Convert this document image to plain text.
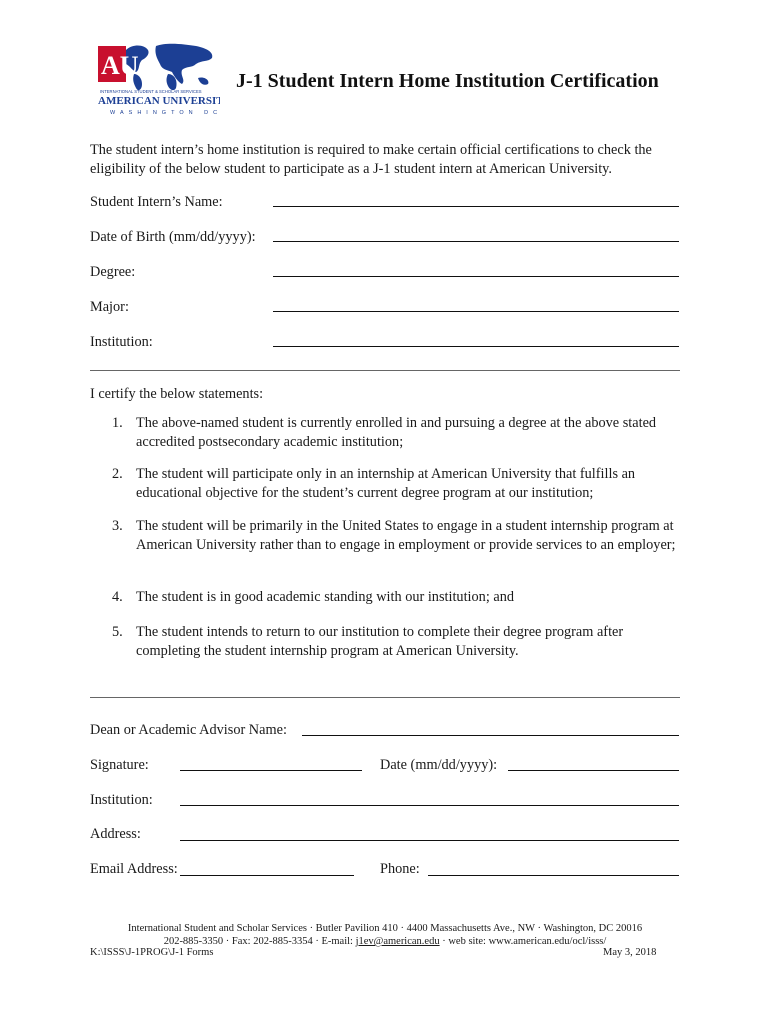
AU
INTERNATIONAL STUDENT & SCHOLAR SERVICES
AMERICAN UNIVERSITY
WASHINGTON DC
J-1 Student Intern Home Institution Certification
The student intern’s home institution is required to make certain official certifications to check the eligibility of the below student to participate as a J-1 student intern at American University.
Student Intern’s Name:
Date of Birth (mm/dd/yyyy):
Degree:
Major:
Institution:
I certify the below statements:
1. The above-named student is currently enrolled in and pursuing a degree at the above stated accredited postsecondary academic institution;
2. The student will participate only in an internship at American University that fulfills an educational objective for the student’s current degree program at our institution;
3. The student will be primarily in the United States to engage in a student internship program at American University rather than to engage in employment or provide services to an employer;
4. The student is in good academic standing with our institution; and
5. The student intends to return to our institution to complete their degree program after completing the student internship program at American University.
Dean or Academic Advisor Name:
Signature:	Date (mm/dd/yyyy):
Institution:
Address:
Email Address:	Phone:
International Student and Scholar Services · Butler Pavilion 410 · 4400 Massachusetts Ave., NW · Washington, DC 20016
202-885-3350 · Fax: 202-885-3354 · E-mail: j1ev@american.edu · web site: www.american.edu/ocl/isss/
K:\ISSS\J-1PROG\J-1 Forms	May 3, 2018
